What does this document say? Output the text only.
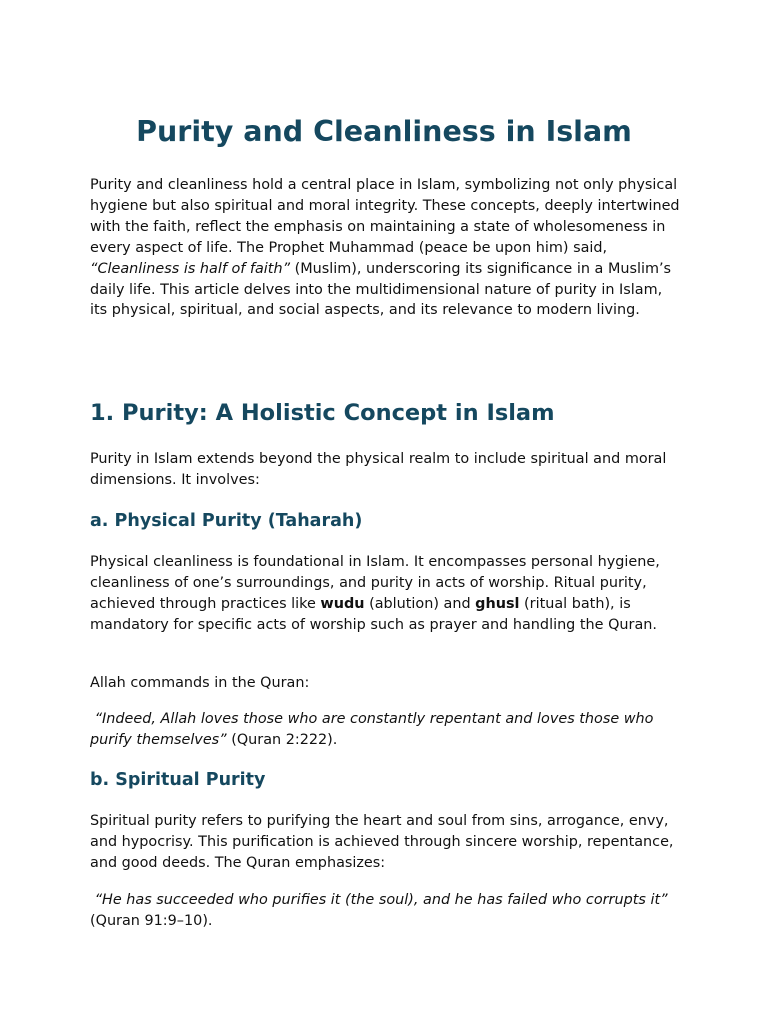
Purity and Cleanliness in Islam

Purity and cleanliness hold a central place in Islam, symbolizing not only physical hygiene but also spiritual and moral integrity. These concepts, deeply intertwined with the faith, reflect the emphasis on maintaining a state of wholesomeness in every aspect of life. The Prophet Muhammad (peace be upon him) said, “Cleanliness is half of faith” (Muslim), underscoring its significance in a Muslim’s daily life. This article delves into the multidimensional nature of purity in Islam, its physical, spiritual, and social aspects, and its relevance to modern living.

1. Purity: A Holistic Concept in Islam

Purity in Islam extends beyond the physical realm to include spiritual and moral dimensions. It involves:

a. Physical Purity (Taharah)

Physical cleanliness is foundational in Islam. It encompasses personal hygiene, cleanliness of one’s surroundings, and purity in acts of worship. Ritual purity, achieved through practices like wudu (ablution) and ghusl (ritual bath), is mandatory for specific acts of worship such as prayer and handling the Quran.

Allah commands in the Quran:

“Indeed, Allah loves those who are constantly repentant and loves those who purify themselves” (Quran 2:222).

b. Spiritual Purity

Spiritual purity refers to purifying the heart and soul from sins, arrogance, envy, and hypocrisy. This purification is achieved through sincere worship, repentance, and good deeds. The Quran emphasizes:

“He has succeeded who purifies it (the soul), and he has failed who corrupts it” (Quran 91:9–10).
